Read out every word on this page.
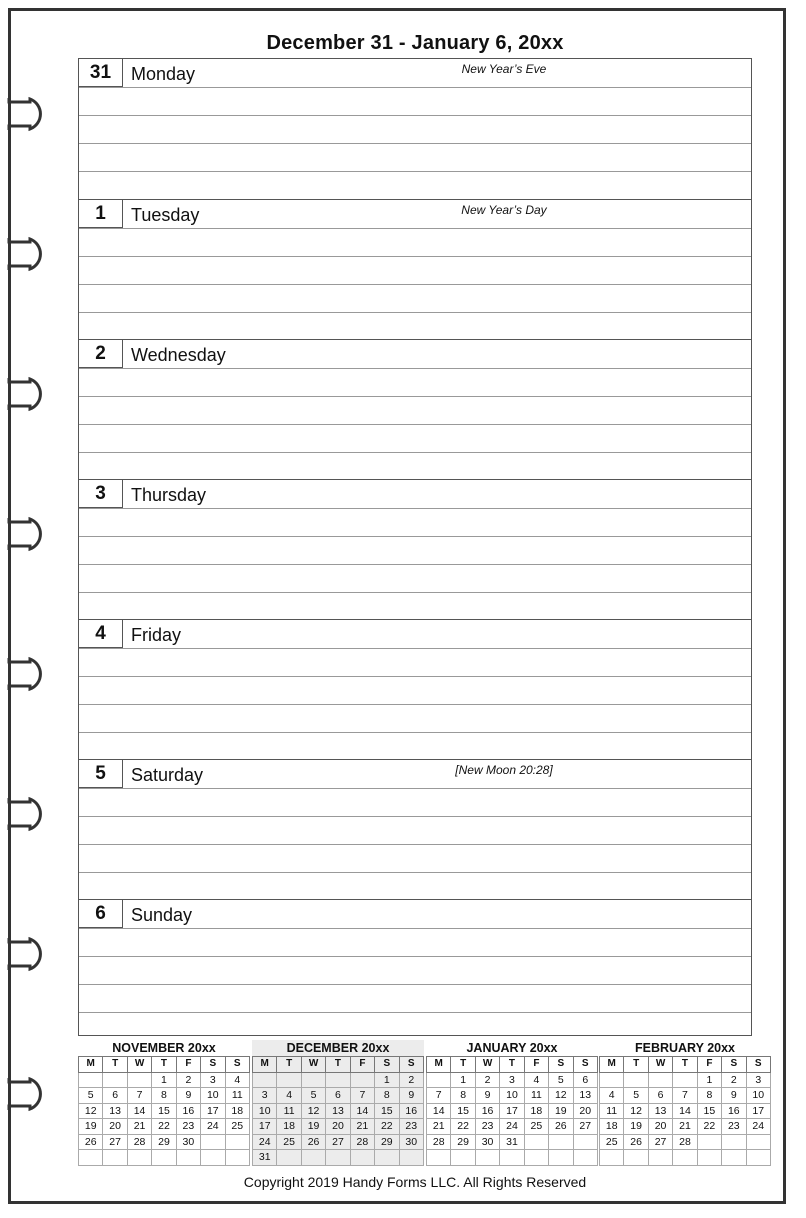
December 31 - January 6, 20xx
31	Monday	New Year’s Eve
1	Tuesday	New Year’s Day
2	Wednesday
3	Thursday
4	Friday
5	Saturday	[New Moon 20:28]
6	Sunday
NOVEMBER 20xx
M	T	W	T	F	S	S
			1	2	3	4
5	6	7	8	9	10	11
12	13	14	15	16	17	18
19	20	21	22	23	24	25
26	27	28	29	30		

DECEMBER 20xx
M	T	W	T	F	S	S
					1	2
3	4	5	6	7	8	9
10	11	12	13	14	15	16
17	18	19	20	21	22	23
24	25	26	27	28	29	30
31						
JANUARY 20xx
M	T	W	T	F	S	S
	1	2	3	4	5	6
7	8	9	10	11	12	13
14	15	16	17	18	19	20
21	22	23	24	25	26	27
28	29	30	31			

FEBRUARY 20xx
M	T	W	T	F	S	S
				1	2	3
4	5	6	7	8	9	10
11	12	13	14	15	16	17
18	19	20	21	22	23	24
25	26	27	28			

Copyright 2019 Handy Forms LLC. All Rights Reserved
